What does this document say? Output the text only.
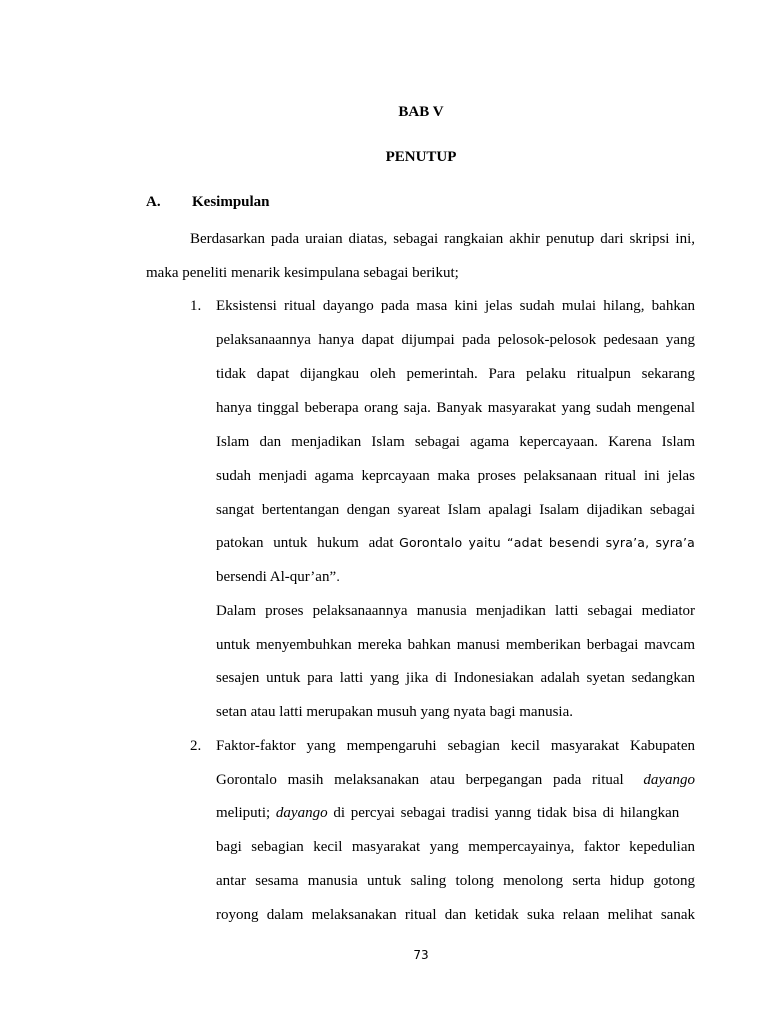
BAB V
PENUTUP
A. Kesimpulan
Berdasarkan pada uraian diatas, sebagai rangkaian akhir penutup dari skripsi ini,
maka peneliti menarik kesimpulana sebagai berikut;
1. Eksistensi ritual dayango pada masa kini jelas sudah mulai hilang, bahkan
pelaksanaannya hanya dapat dijumpai pada pelosok-pelosok pedesaan yang
tidak dapat dijangkau oleh pemerintah. Para pelaku ritualpun sekarang
hanya tinggal beberapa orang saja. Banyak masyarakat yang sudah mengenal
Islam dan menjadikan Islam sebagai agama kepercayaan. Karena Islam
sudah menjadi agama keprcayaan maka proses pelaksanaan ritual ini jelas
sangat bertentangan dengan syareat Islam apalagi Isalam dijadikan sebagai
patokan untuk hukum adat Gorontalo yaitu “adat besendi syra’a, syra’a
bersendi Al-qur’an”.
Dalam proses pelaksanaannya manusia menjadikan latti sebagai mediator
untuk menyembuhkan mereka bahkan manusi memberikan berbagai mavcam
sesajen untuk para latti yang jika di Indonesiakan adalah syetan sedangkan
setan atau latti merupakan musuh yang nyata bagi manusia.
2. Faktor-faktor yang mempengaruhi sebagian kecil masyarakat Kabupaten
Gorontalo masih melaksanakan atau berpegangan pada ritual dayango
meliputi; dayango di percyai sebagai tradisi yanng tidak bisa di hilangkan
bagi sebagian kecil masyarakat yang mempercayainya, faktor kepedulian
antar sesama manusia untuk saling tolong menolong serta hidup gotong
royong dalam melaksanakan ritual dan ketidak suka relaan melihat sanak
73
